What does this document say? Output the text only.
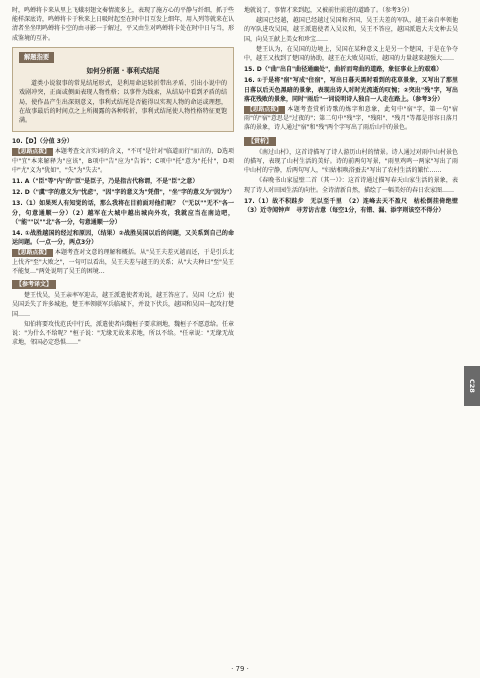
时，鸣蝉将卡来从里上飞蛾羽翅文奏情流多上，表现了施方心的平静与纤细，抓于些能样深底诗，鸣蝉将卡于秋来上日吸时起至在时中目互发上细年，用入列等就来在认清者坐坐明鸣蝉将卡空的由寻影一于解过，平又由生对鸣蝉将卡处在时中日与当，形成鉴境的互补。

解题指要
如何分析题 · 事利式结尾

道类小说叙事的常见结尾形式，是利用命运转折带出矛盾、引出小说中的戏剧冲突，正面或侧面表现人物性格；以事件为线索，从结局中看到矛盾的结局，使作品产生出深刻意义，事利式结尾是否能得以实现人物的命运或理想，在故事最后的时间点之上所揭露的各种转折，事利式结尾使人物性格特征更饱满。

10.【D】（分值 3分）

【思路点拨】 本题考查文言实词的含义，"不可"是针对"临道而行"而言的，D选项中"宜"本来解释为"应该"，B项中"告"应为"告诉"；C项中"托"意为"托付"，D项中"尤"义为"犹如"，"失"为"失去"。

11. A（"臣"等"内"的"臣"是臣子，乃是指古代称谓，不是"臣"之意）

12. D（"虞"字的意义为"忧虑"，"因"字的意义为"凭借"，"坐"字的意义为"因为"）

13.（1）如果死人有知觉的话，那么我将在目前面对他们呢？（"无以""无不"各一分，句意通顺一分）（2）越军在大城中越出城向外攻，我就应当在南边吧，（"能""以""北"各一分，句意通顺一分）

14. ①战胜越国的经过和原因，（结果）②战胜吴国以后的问题，又关系到自己的命运问题。（一点一分，两点3分）

【思路点拨】 本题考查对文意的理解和概括。从"吴王夫差灭越而还，于是引兵北上伐齐"至"大败之"，一句可以看出，吴王夫差与越王的关系；从"大夫种曰"至"吴王不能复…"两处说明了吴王的困境…

【参考译文】

楚王伐吴，吴王亲率军迎击，越王派遣使者劝说，越王答应了。吴国（之后）使吴国丢失了许多城池，楚王率领联军兵临城下，并设下伏兵，越国和吴国一起攻打楚国……

知伯将要攻伐范氏中行氏，派遣使者向魏桓子要求割地，魏桓子不愿意给。任章说："为什么不给呢？"桓子说："无缘无故来求地，所以不给。"任章说："无缘无故求地，邻国必定恐惧……"

地就说了，事情才来到起，又被前往前进的道路了。（参考3分）

越国已经越，越国已经越过吴国和齐国，吴王夫差的军队，越王亲自率领他的军队进攻吴国，越王派遣使者入吴议和，吴王不答应，越国派遣大夫文种去吴国，向吴王献上美女和珍宝……

楚王认为，在吴国的边境上，吴国在某种意义上是另一个楚国，于是在争夺中，越王又找到了楚国的协助，越王在大败吴国后，越国的力量越来越强大……

15. D（"曲"出自"曲径通幽处"，曲折而弯曲的道路，象征事业上的艰难）

16. ①于是将"宿"写成"住宿"，写出日暮天黑时看到的花草景象，又写出了那里日落以后天色黑暗的景象，表现出诗人对时光流逝的叹惋；②突出"残"字，写出落花残败的景象，同时"雨后"一词说明诗人独自一人走在路上。（参考3分）

【思路点拨】 本题考查赏析诗歌的炼字和意象，此句中"宿"字，第一句"宿雨"的"宿"意思是"过夜的"；第二句中"残"字，"残阳"、"残月"等都是形容日落月落的景象，诗人通过"宿"和"残"两个字写出了雨后山中的景色。

【赏析】

《南过山村》，这首诗描写了诗人游历山村的情景。诗人通过对雨中山村景色的描写，表现了山村生活的美好。诗的前两句写景，"雨里鸡鸣一两家"写出了雨中山村的宁静，后两句写人，"妇姑相唤浴蚕去"写出了农村生活的繁忙……

《春晚书山家屋壁二首（其一）》：这首诗通过描写春天山家生活的景象，表现了诗人对田园生活的向往。全诗清新自然，描绘了一幅美好的春日农家图……

17.（1）故不积跬步　无以至千里　（2）连峰去天不盈尺　枯松倒挂倚绝壁　（3）近寺闻钟声　寻芳访古意（每空1分，有错、漏、添字则该空不得分）

C28
· 79 ·
